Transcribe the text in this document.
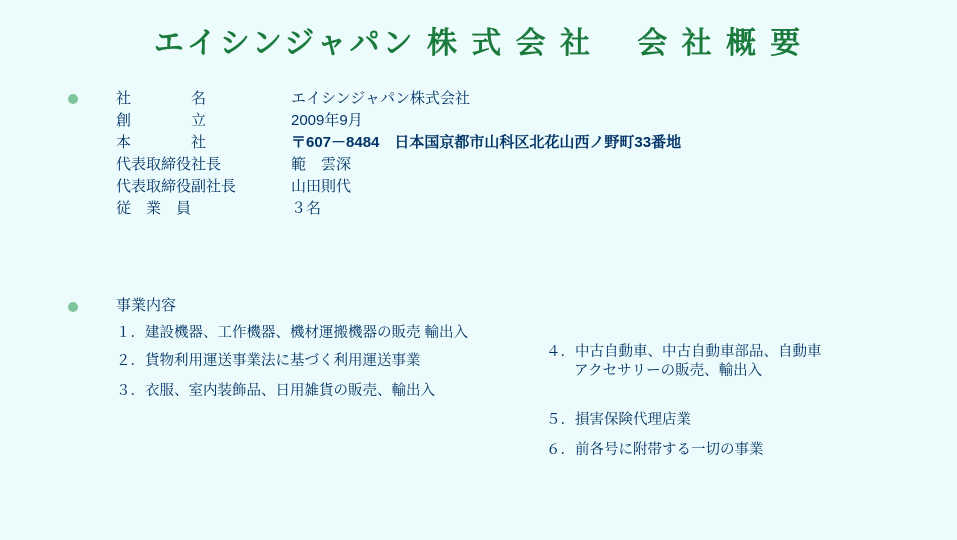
エイシンジャパン 株 式 会 社　 会 社 概 要
社　　　　名	エイシンジャパン株式会社
創　　　　立	2009年9月
本　　　　社	〒607－8484　日本国京都市山科区北花山西ノ野町33番地
代表取締役社長	範　雲深
代表取締役副社長	山田則代
従　業　員	３名
事業内容
１．建設機器、工作機器、機材運搬機器の販売 輸出入
２．貨物利用運送事業法に基づく利用運送事業
３．衣服、室内装飾品、日用雑貨の販売、輸出入

４．中古自動車、中古自動車部品、自動車

アクセサリーの販売、輸出入

５．損害保険代理店業
６．前各号に附帯する一切の事業
